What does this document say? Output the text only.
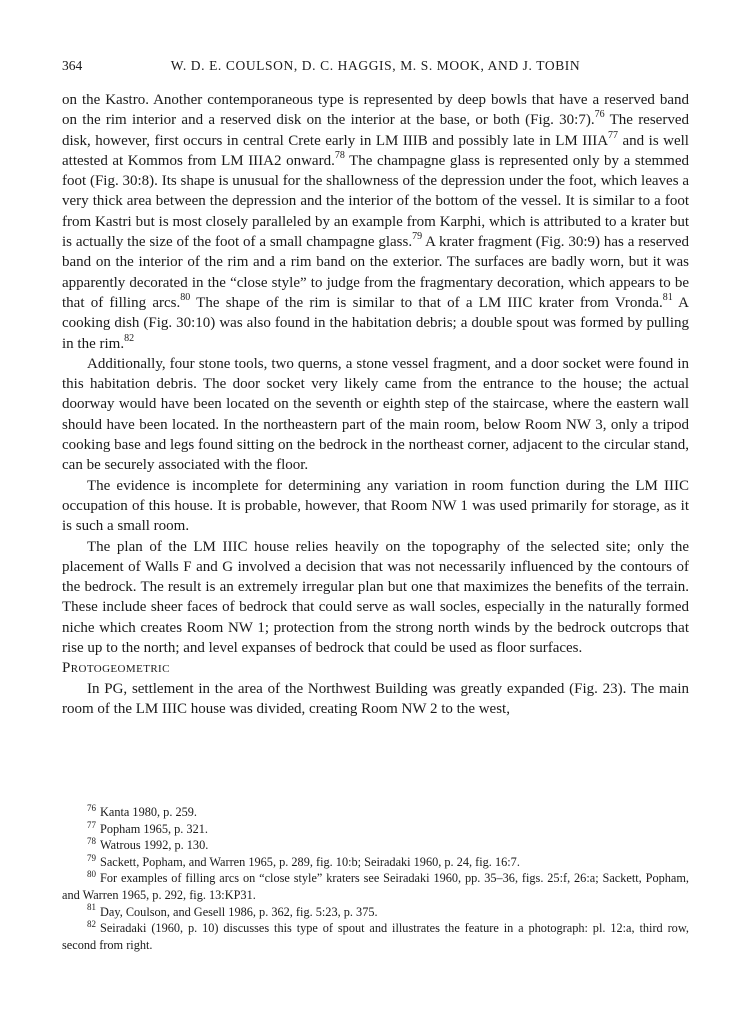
364	W. D. E. COULSON, D. C. HAGGIS, M. S. MOOK, AND J. TOBIN

on the Kastro. Another contemporaneous type is represented by deep bowls that have a reserved band on the rim interior and a reserved disk on the interior at the base, or both (Fig. 30:7).$^{76}$ The reserved disk, however, first occurs in central Crete early in LM IIIB and possibly late in LM IIIA$^{77}$ and is well attested at Kommos from LM IIIA2 onward.$^{78}$ The champagne glass is represented only by a stemmed foot (Fig. 30:8). Its shape is unusual for the shallowness of the depression under the foot, which leaves a very thick area between the depression and the interior of the bottom of the vessel. It is similar to a foot from Kastri but is most closely paralleled by an example from Karphi, which is attributed to a krater but is actually the size of the foot of a small champagne glass.$^{79}$ A krater fragment (Fig. 30:9) has a reserved band on the interior of the rim and a rim band on the exterior. The surfaces are badly worn, but it was apparently decorated in the “close style” to judge from the fragmentary decoration, which appears to be that of filling arcs.$^{80}$ The shape of the rim is similar to that of a LM IIIC krater from Vronda.$^{81}$ A cooking dish (Fig. 30:10) was also found in the habitation debris; a double spout was formed by pulling in the rim.$^{82}$

Additionally, four stone tools, two querns, a stone vessel fragment, and a door socket were found in this habitation debris. The door socket very likely came from the entrance to the house; the actual doorway would have been located on the seventh or eighth step of the staircase, where the eastern wall should have been located. In the northeastern part of the main room, below Room NW 3, only a tripod cooking base and legs found sitting on the bedrock in the northeast corner, adjacent to the circular stand, can be securely associated with the floor.

The evidence is incomplete for determining any variation in room function during the LM IIIC occupation of this house. It is probable, however, that Room NW 1 was used primarily for storage, as it is such a small room.

The plan of the LM IIIC house relies heavily on the topography of the selected site; only the placement of Walls F and G involved a decision that was not necessarily influenced by the contours of the bedrock. The result is an extremely irregular plan but one that maximizes the benefits of the terrain. These include sheer faces of bedrock that could serve as wall socles, especially in the naturally formed niche which creates Room NW 1; protection from the strong north winds by the bedrock outcrops that rise up to the north; and level expanses of bedrock that could be used as floor surfaces.

Protogeometric

In PG, settlement in the area of the Northwest Building was greatly expanded (Fig. 23). The main room of the LM IIIC house was divided, creating Room NW 2 to the west,

$^{76}$ Kanta 1980, p. 259.

$^{77}$ Popham 1965, p. 321.

$^{78}$ Watrous 1992, p. 130.

$^{79}$ Sackett, Popham, and Warren 1965, p. 289, fig. 10:b; Seiradaki 1960, p. 24, fig. 16:7.

$^{80}$ For examples of filling arcs on “close style” kraters see Seiradaki 1960, pp. 35–36, figs. 25:f, 26:a; Sackett, Popham, and Warren 1965, p. 292, fig. 13:KP31.

$^{81}$ Day, Coulson, and Gesell 1986, p. 362, fig. 5:23, p. 375.

$^{82}$ Seiradaki (1960, p. 10) discusses this type of spout and illustrates the feature in a photograph: pl. 12:a, third row, second from right.
